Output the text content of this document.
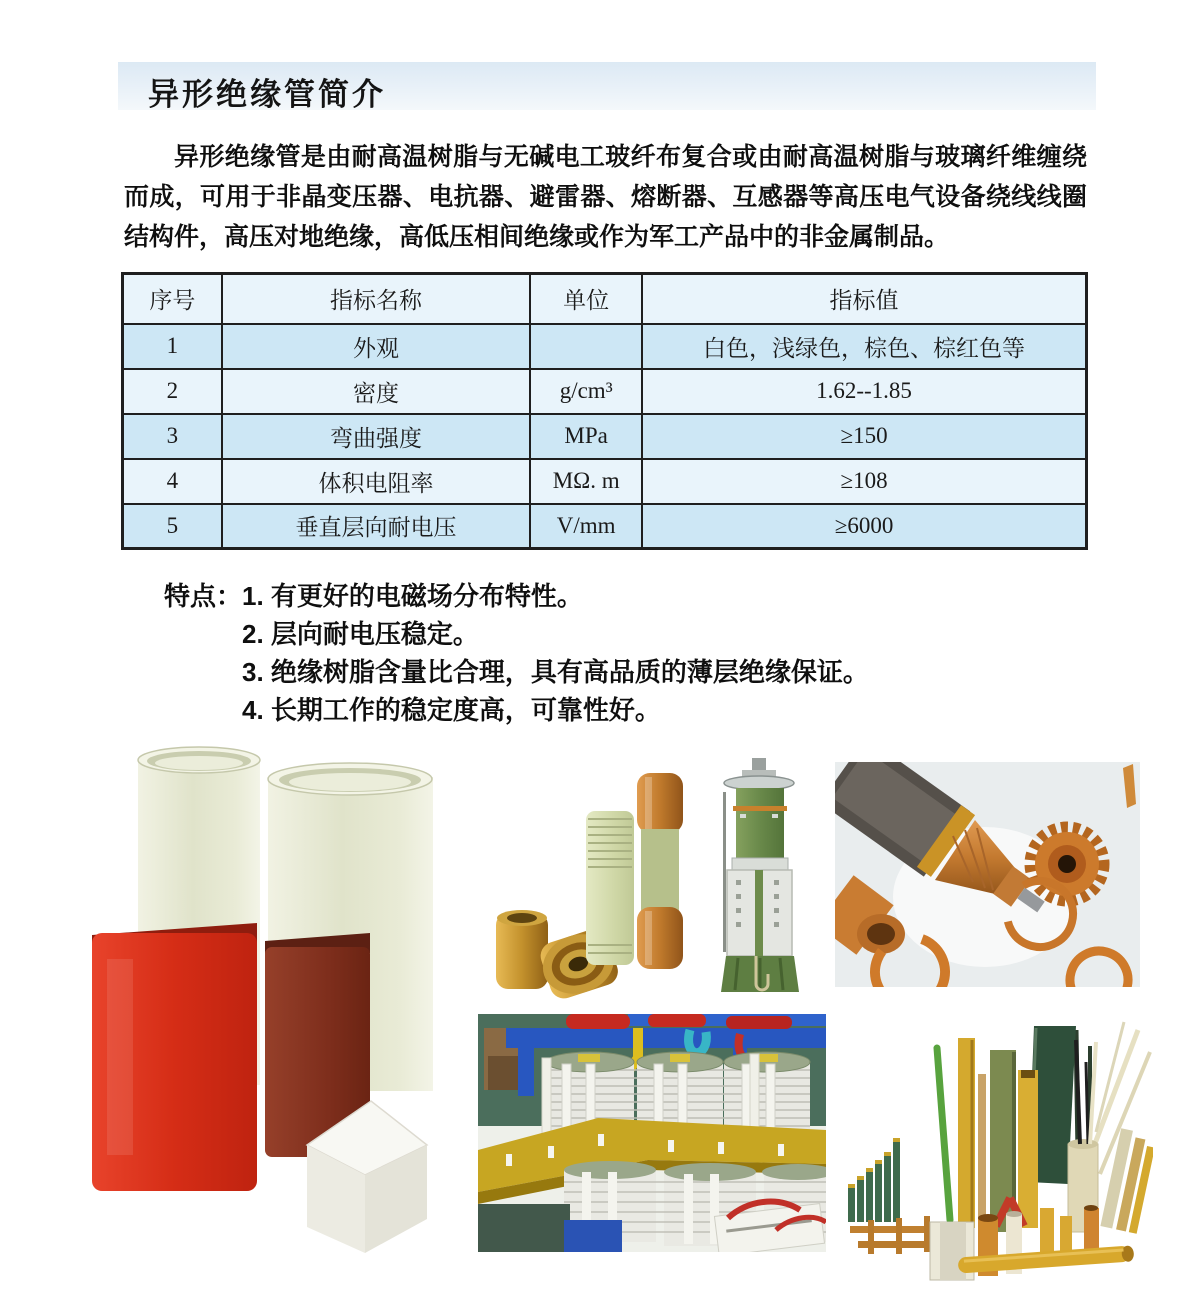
异形绝缘管简介

异形绝缘管是由耐高温树脂与无碱电工玻纤布复合或由耐高温树脂与玻璃纤维缠绕而成，可用于非晶变压器、电抗器、避雷器、熔断器、互感器等高压电气设备绕线线圈结构件，高压对地绝缘，高低压相间绝缘或作为军工产品中的非金属制品。

序号	指标名称	单位	指标值
1	外观		白色，浅绿色，棕色、棕红色等
2	密度	g/cm³	1.62--1.85
3	弯曲强度	MPa	≥150
4	体积电阻率	MΩ. m	≥108
5	垂直层向耐电压	V/mm	≥6000
特点： 1. 有更好的电磁场分布特性。
2. 层向耐电压稳定。
3. 绝缘树脂含量比合理，具有高品质的薄层绝缘保证。
4. 长期工作的稳定度高，可靠性好。
